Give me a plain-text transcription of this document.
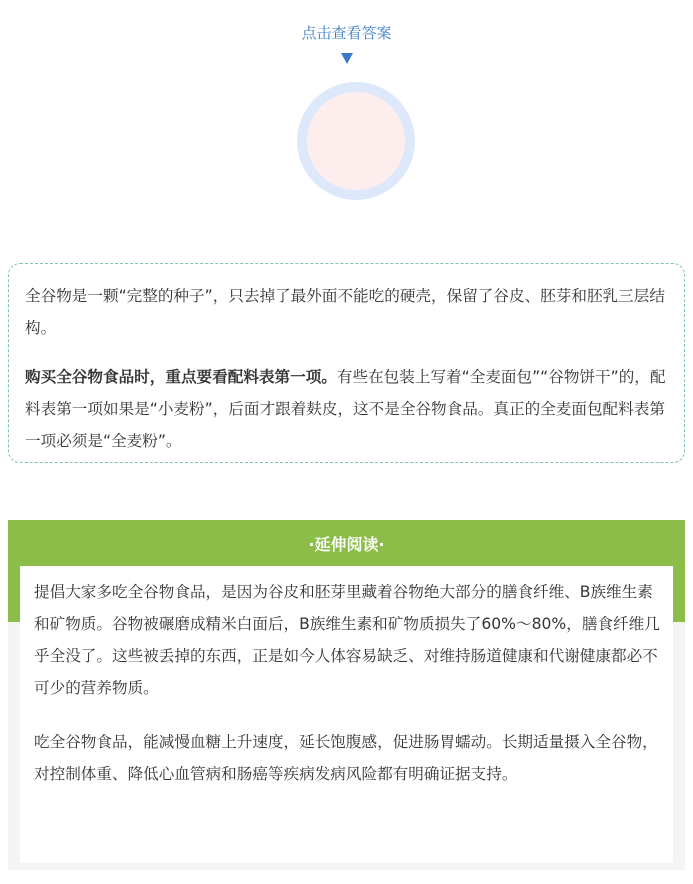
点击查看答案

全谷物是一颗“完整的种子”，只去掉了最外面不能吃的硬壳，保留了谷皮、胚芽和胚乳三层结构。

购买全谷物食品时，重点要看配料表第一项。有些在包装上写着“全麦面包”“谷物饼干”的，配料表第一项如果是“小麦粉”，后面才跟着麸皮，这不是全谷物食品。真正的全麦面包配料表第一项必须是“全麦粉”。

·延伸阅读·

提倡大家多吃全谷物食品，是因为谷皮和胚芽里藏着谷物绝大部分的膳食纤维、B族维生素和矿物质。谷物被碾磨成精米白面后，B族维生素和矿物质损失了60%～80%，膳食纤维几乎全没了。这些被丢掉的东西，正是如今人体容易缺乏、对维持肠道健康和代谢健康都必不可少的营养物质。

吃全谷物食品，能减慢血糖上升速度，延长饱腹感，促进肠胃蠕动。长期适量摄入全谷物，对控制体重、降低心血管病和肠癌等疾病发病风险都有明确证据支持。
